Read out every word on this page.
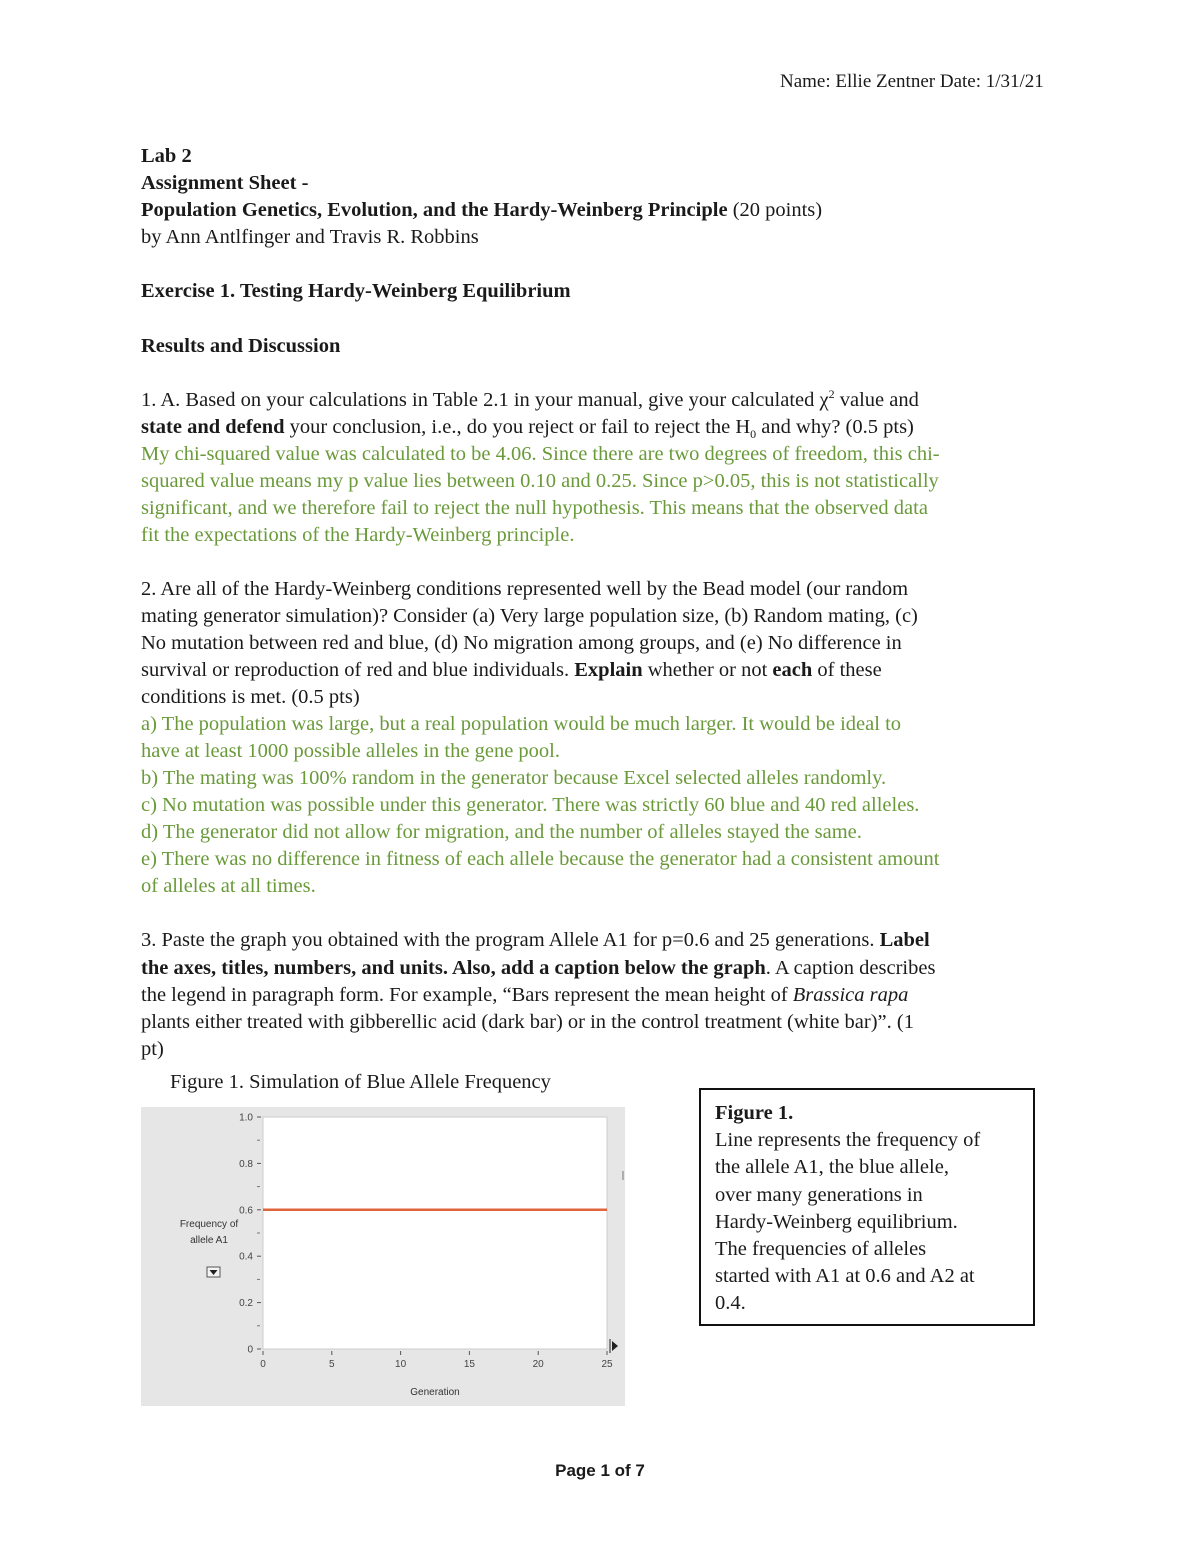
Name: Ellie Zentner Date: 1/31/21
Lab 2
Assignment Sheet -
Population Genetics, Evolution, and the Hardy-Weinberg Principle (20 points)
by Ann Antlfinger and Travis R. Robbins
Exercise 1. Testing Hardy-Weinberg Equilibrium
Results and Discussion
1. A. Based on your calculations in Table 2.1 in your manual, give your calculated $\chi^2$ value and
state and defend your conclusion, i.e., do you reject or fail to reject the $H_0$ and why? (0.5 pts)
My chi-squared value was calculated to be 4.06. Since there are two degrees of freedom, this chi-
squared value means my p value lies between 0.10 and 0.25. Since p>0.05, this is not statistically
significant, and we therefore fail to reject the null hypothesis. This means that the observed data
fit the expectations of the Hardy-Weinberg principle.
2. Are all of the Hardy-Weinberg conditions represented well by the Bead model (our random
mating generator simulation)? Consider (a) Very large population size, (b) Random mating, (c)
No mutation between red and blue, (d) No migration among groups, and (e) No difference in
survival or reproduction of red and blue individuals. Explain whether or not each of these
conditions is met. (0.5 pts)
a) The population was large, but a real population would be much larger. It would be ideal to
have at least 1000 possible alleles in the gene pool.
b) The mating was 100% random in the generator because Excel selected alleles randomly.
c) No mutation was possible under this generator. There was strictly 60 blue and 40 red alleles.
d) The generator did not allow for migration, and the number of alleles stayed the same.
e) There was no difference in fitness of each allele because the generator had a consistent amount
of alleles at all times.
3. Paste the graph you obtained with the program Allele A1 for p=0.6 and 25 generations. Label
the axes, titles, numbers, and units. Also, add a caption below the graph. A caption describes
the legend in paragraph form. For example, “Bars represent the mean height of Brassica rapa
plants either treated with gibberellic acid (dark bar) or in the control treatment (white bar)”. (1
pt)
Figure 1. Simulation of Blue Allele Frequency
0
0.2
0.4
0.6
0.8
1.0
0	5	10	15	20	25
Frequency of
allele A1
Generation
Figure 1.
Line represents the frequency of
the allele A1, the blue allele,
over many generations in
Hardy-Weinberg equilibrium.
The frequencies of alleles
started with A1 at 0.6 and A2 at
0.4.
Page 1 of 7
